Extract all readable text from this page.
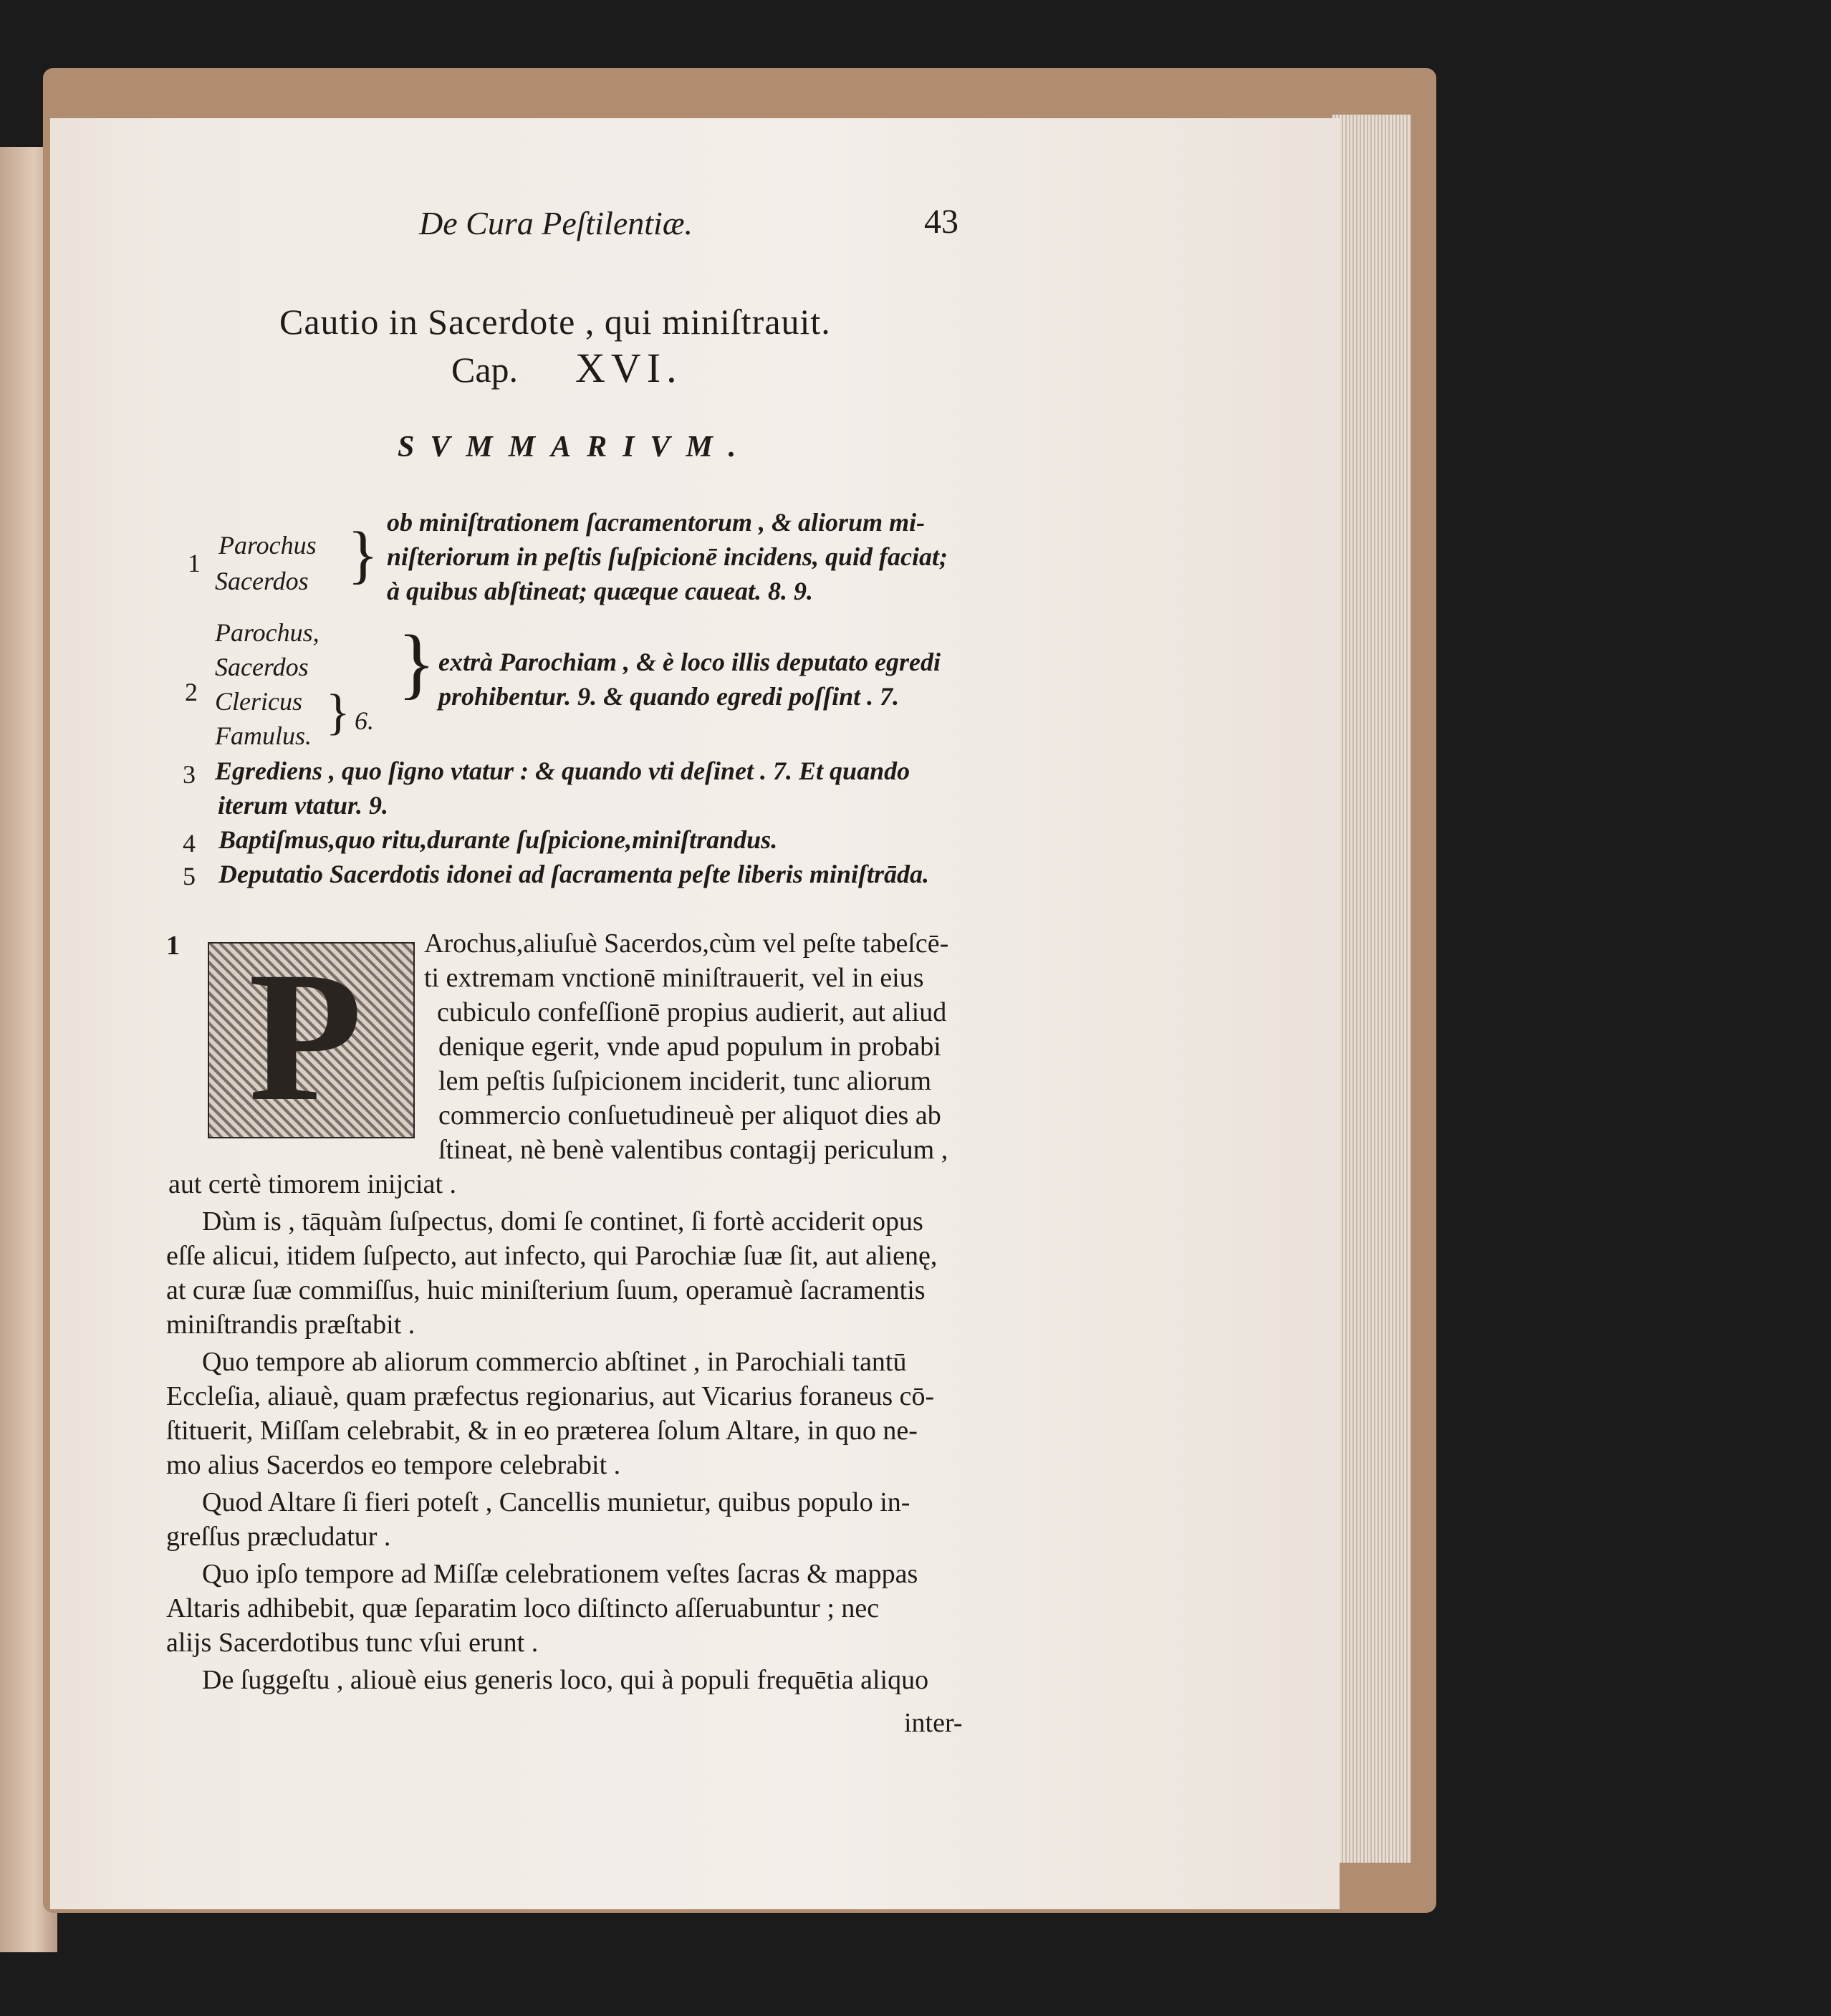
De Cura Peſtilentiæ.	43
Cautio in Sacerdote , qui miniſtrauit.
Cap. XVI.
SVMMARIVM.
1
Parochus
Sacerdos } ob miniſtrationem ſacramentorum , & aliorum mi-
niſteriorum in peſtis ſuſpicionē incidens, quid faciat;
à quibus abſtineat; quæque caueat. 8. 9.
2
Parochus,
Sacerdos
Clericus
Famulus. } 6.
} extrà Parochiam , & è loco illis deputato egredi
prohibentur. 9. & quando egredi poſſint . 7.
3 Egrediens , quo ſigno vtatur : & quando vti deſinet . 7. Et quando
iterum vtatur. 9.
4 Baptiſmus,quo ritu,durante ſuſpicione,miniſtrandus.
5 Deputatio Sacerdotis idonei ad ſacramenta peſte liberis miniſtrāda.
1 P Arochus,aliuſuè Sacerdos,cùm vel peſte tabeſcē-
ti extremam vnctionē miniſtrauerit, vel in eius
cubiculo confeſſionē propius audierit, aut aliud
denique egerit, vnde apud populum in probabi
lem peſtis ſuſpicionem inciderit, tunc aliorum
commercio conſuetudineuè per aliquot dies ab
ſtineat, nè benè valentibus contagij periculum ,
aut certè timorem inijciat .
Dùm is , tāquàm ſuſpectus, domi ſe continet, ſi fortè acciderit opus
eſſe alicui, itidem ſuſpecto, aut infecto, qui Parochiæ ſuæ ſit, aut alienę,
at curæ ſuæ commiſſus, huic miniſterium ſuum, operamuè ſacramentis
miniſtrandis præſtabit .
Quo tempore ab aliorum commercio abſtinet , in Parochiali tantū
Eccleſia, aliauè, quam præfectus regionarius, aut Vicarius foraneus cō-
ſtituerit, Miſſam celebrabit, & in eo præterea ſolum Altare, in quo ne-
mo alius Sacerdos eo tempore celebrabit .
Quod Altare ſi fieri poteſt , Cancellis munietur, quibus populo in-
greſſus præcludatur .
Quo ipſo tempore ad Miſſæ celebrationem veſtes ſacras & mappas
Altaris adhibebit, quæ ſeparatim loco diſtincto aſſeruabuntur ; nec
alijs Sacerdotibus tunc vſui erunt .
De ſuggeſtu , aliouè eius generis loco, qui à populi frequētia aliquo
inter-
